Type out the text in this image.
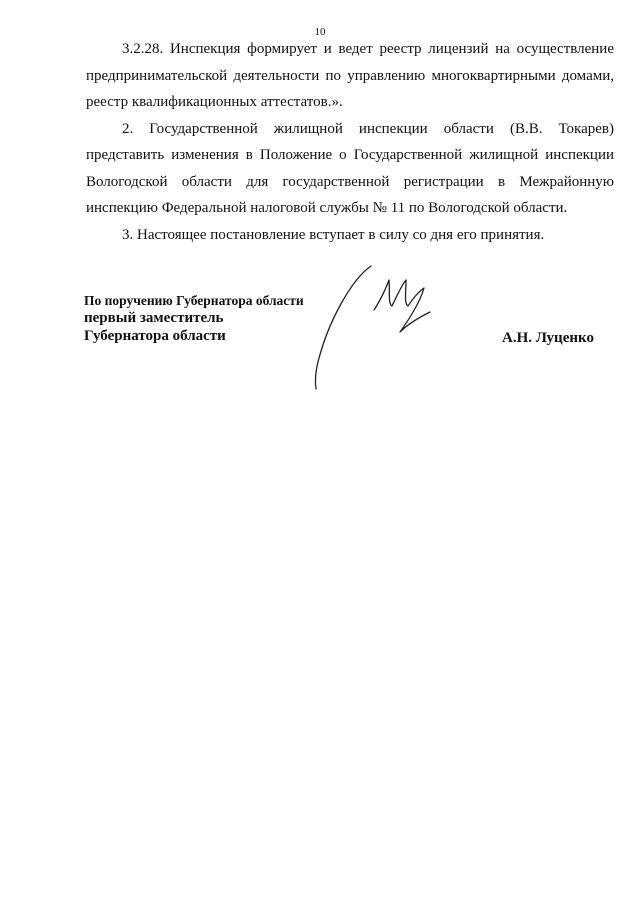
10

3.2.28. Инспекция формирует и ведет реестр лицензий на осуществление предпринимательской деятельности по управлению многоквартирными домами, реестр квалификационных аттестатов.».

2. Государственной жилищной инспекции области (В.В. Токарев) представить изменения в Положение о Государственной жилищной инспекции Вологодской области для государственной регистрации в Межрайонную инспекцию Федеральной налоговой службы № 11 по Вологодской области.

3. Настоящее постановление вступает в силу со дня его принятия.

По поручению Губернатора области
первый заместитель
Губернатора области	А.Н. Луценко
